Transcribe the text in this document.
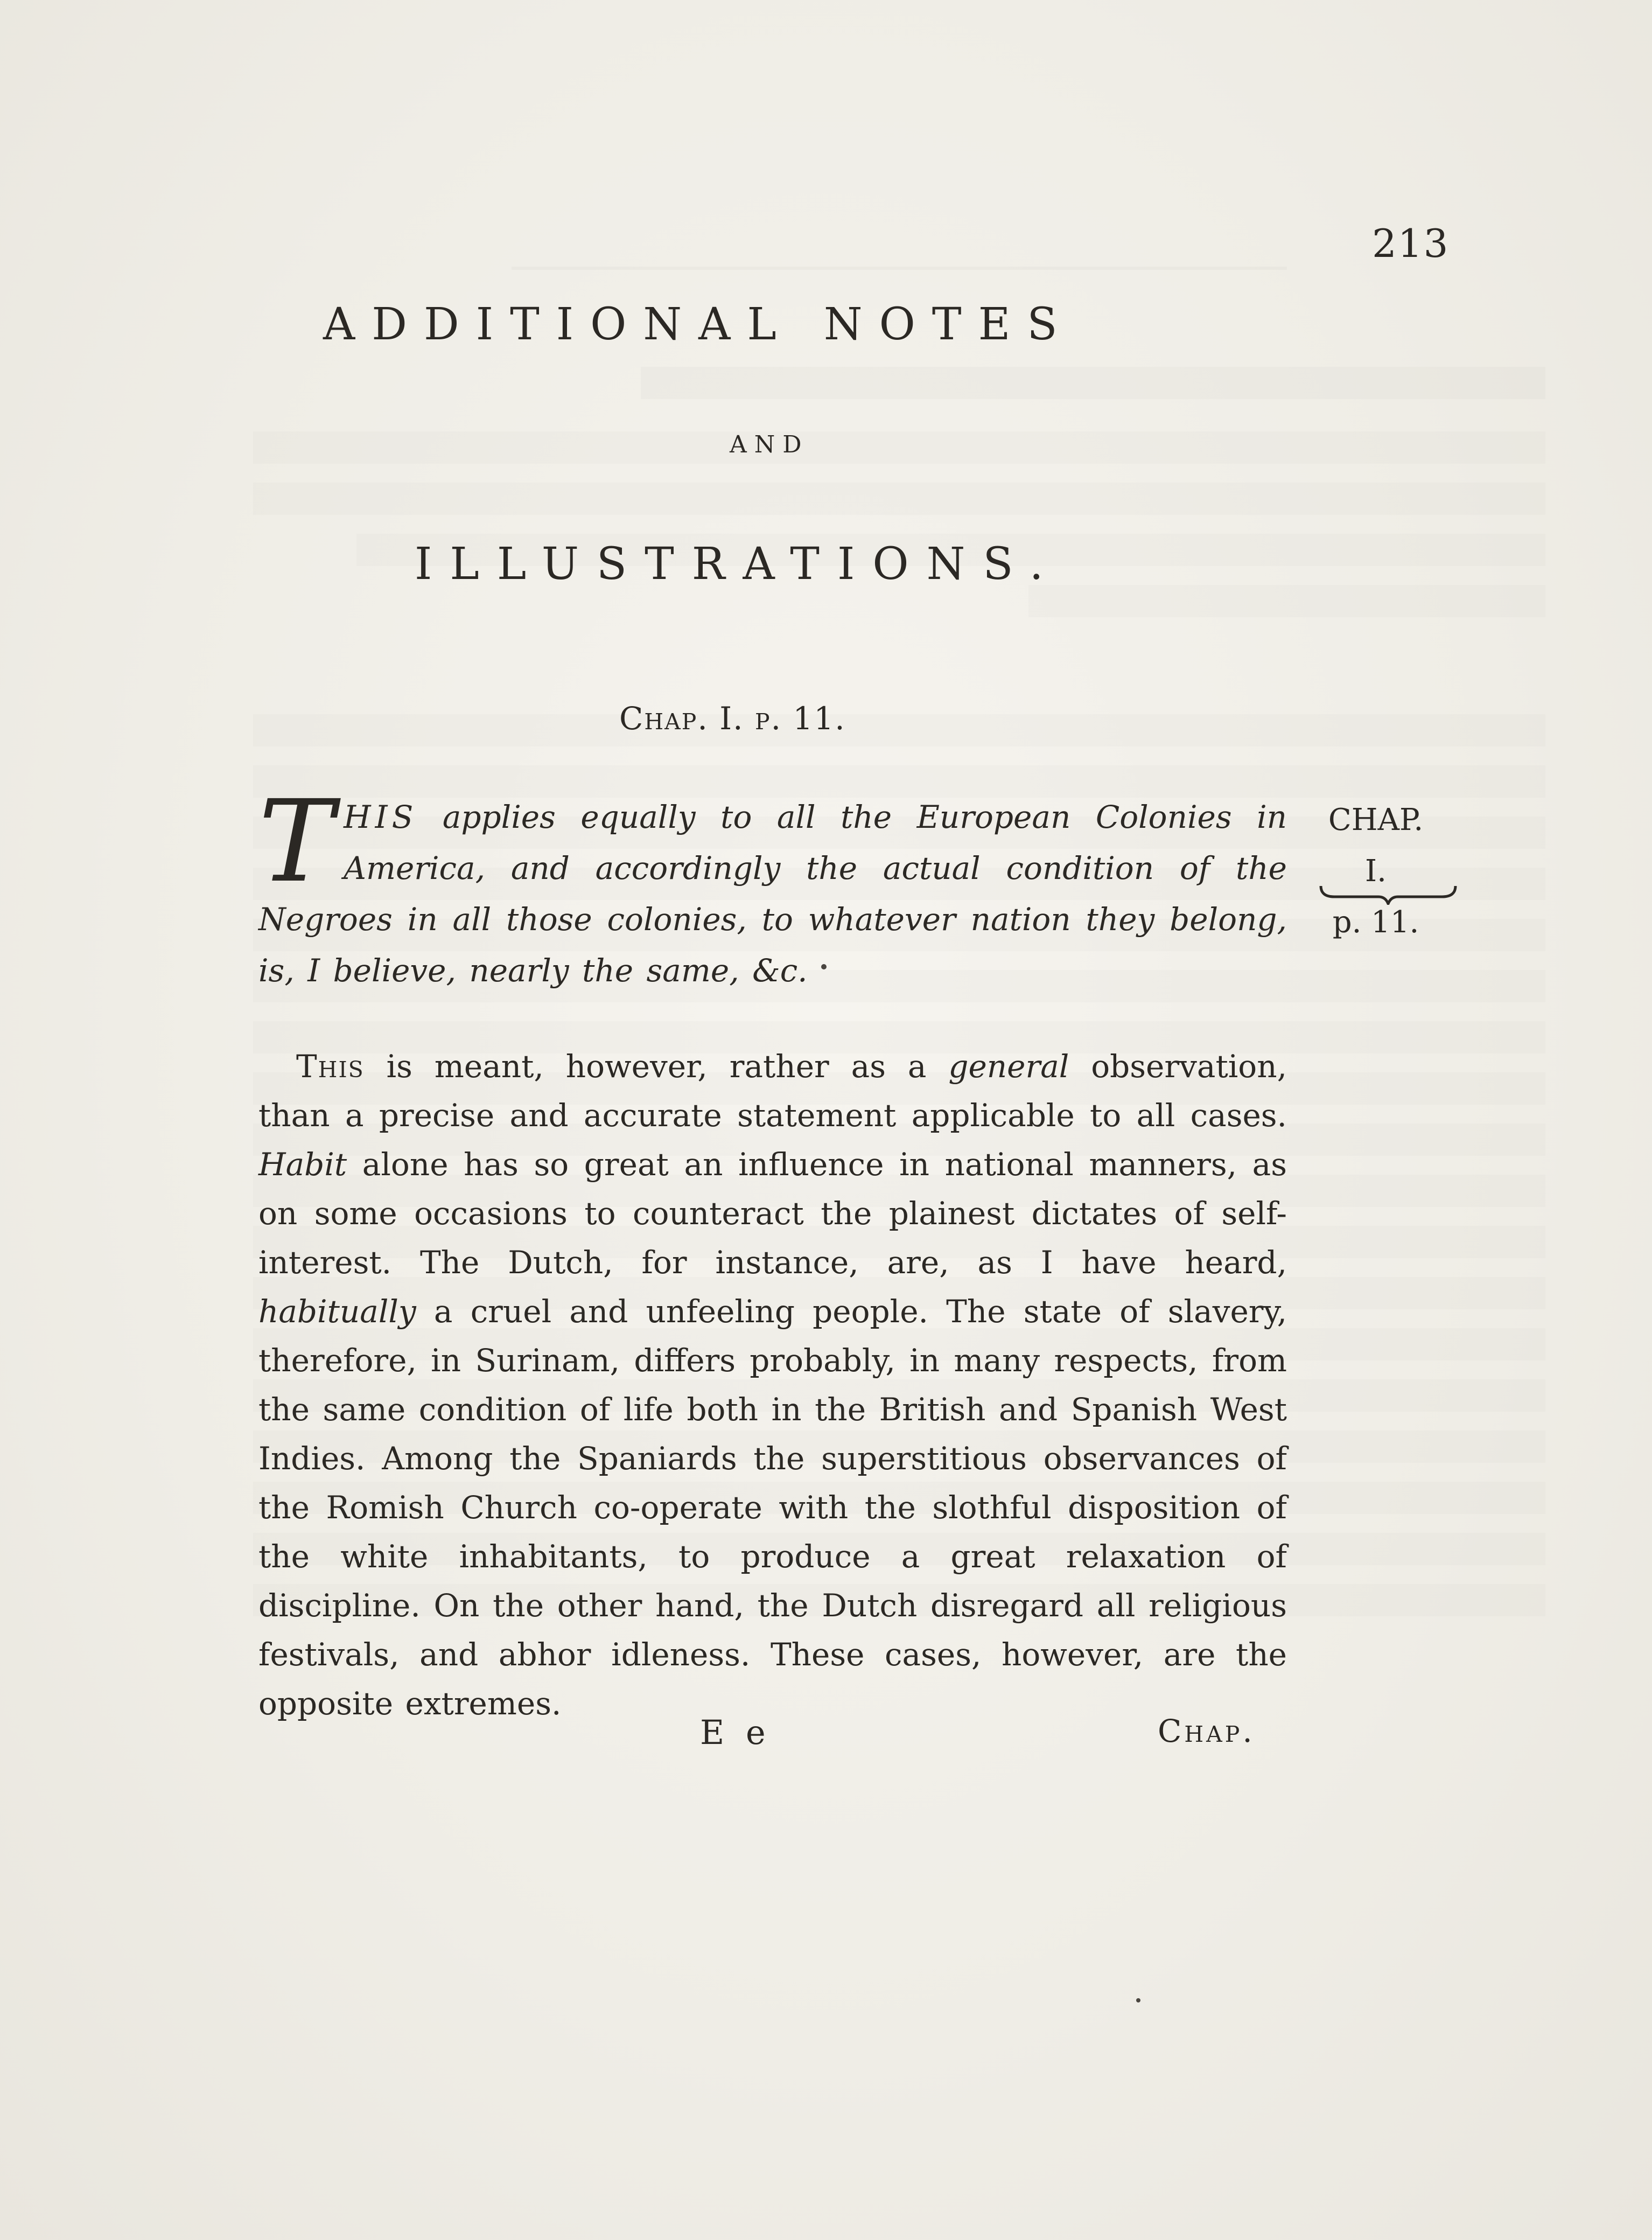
213
ADDITIONAL NOTES
AND
ILLUSTRATIONS.
Chap. I. p. 11.
T HIS applies equally to all the European Colonies in America, and accordingly the actual condition of the Negroes in all those colonies, to whatever nation they belong, is, I believe, nearly the same, &c.
CHAP. I.
p. 11.

This is meant, however, rather as a general observation, than a precise and accurate statement applicable to all cases. Habit alone has so great an influence in national manners, as on some occasions to counteract the plainest dictates of self-interest. The Dutch, for instance, are, as I have heard, habitually a cruel and unfeeling people. The state of slavery, therefore, in Surinam, differs probably, in many respects, from the same condition of life both in the British and Spanish West Indies. Among the Spaniards the superstitious observances of the Romish Church co-operate with the slothful disposition of the white inhabitants, to produce a great relaxation of discipline. On the other hand, the Dutch disregard all religious festivals, and abhor idleness. These cases, however, are the opposite extremes.

E e	Chap.
